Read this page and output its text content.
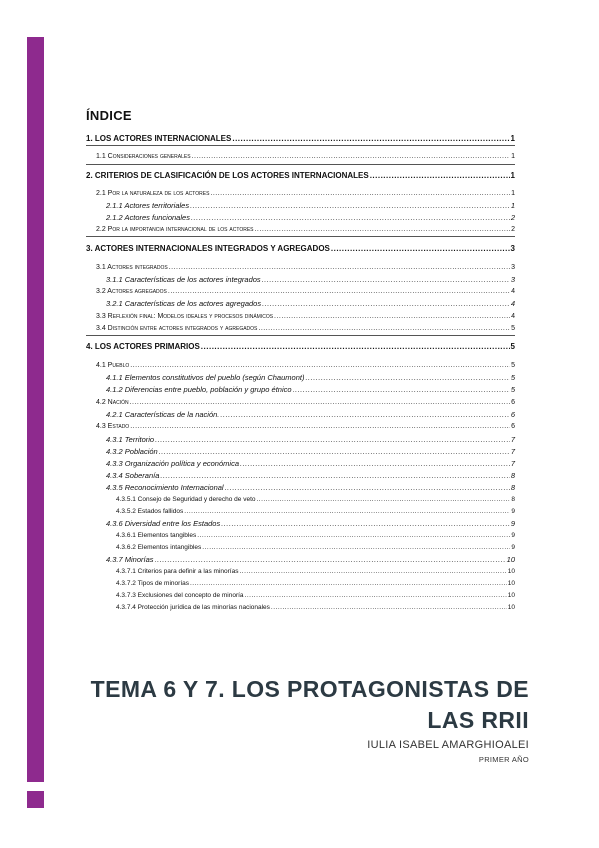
ÍNDICE
1. LOS ACTORES INTERNACIONALES .....	1
1.1 Consideraciones generales .....	1
2. CRITERIOS DE CLASIFICACIÓN DE LOS ACTORES INTERNACIONALES .....	1
2.1 Por la naturaleza de los actores .....	1
2.1.1 Actores territoriales .....	1
2.1.2 Actores funcionales .....	2
2.2 Por la importancia internacional de los actores .....	2
3. ACTORES INTERNACIONALES INTEGRADOS Y AGREGADOS .....	3
3.1 Actores integrados .....	3
3.1.1 Características de los actores integrados .....	3
3.2 Actores agregados .....	4
3.2.1 Características de los actores agregados .....	4
3.3 Reflexión final: Modelos ideales y procesos dinámicos .....	4
3.4 Distinción entre actores integrados y agregados .....	5
4. LOS ACTORES PRIMARIOS .....	5
4.1 Pueblo .....	5
4.1.1 Elementos constitutivos del pueblo (según Chaumont) .....	5
4.1.2 Diferencias entre pueblo, población y grupo étnico .....	5
4.2 Nación .....	6
4.2.1 Características de la nación. .....	6
4.3 Estado .....	6
4.3.1 Territorio .....	7
4.3.2 Población .....	7
4.3.3 Organización política y económica .....	7
4.3.4 Soberanía .....	8
4.3.5 Reconocimiento Internacional .....	8
4.3.5.1 Consejo de Seguridad y derecho de veto .....	8
4.3.5.2 Estados fallidos .....	9
4.3.6 Diversidad entre los Estados .....	9
4.3.6.1 Elementos tangibles .....	9
4.3.6.2 Elementos intangibles .....	9
4.3.7 Minorías .....	10
4.3.7.1 Criterios para definir a las minorías .....	10
4.3.7.2 Tipos de minorías .....	10
4.3.7.3 Exclusiones del concepto de minoría .....	10
4.3.7.4 Protección jurídica de las minorías nacionales .....	10
TEMA 6 Y 7. LOS PROTAGONISTAS DE
LAS RRII
IULIA ISABEL AMARGHIOALEI
PRIMER AÑO
